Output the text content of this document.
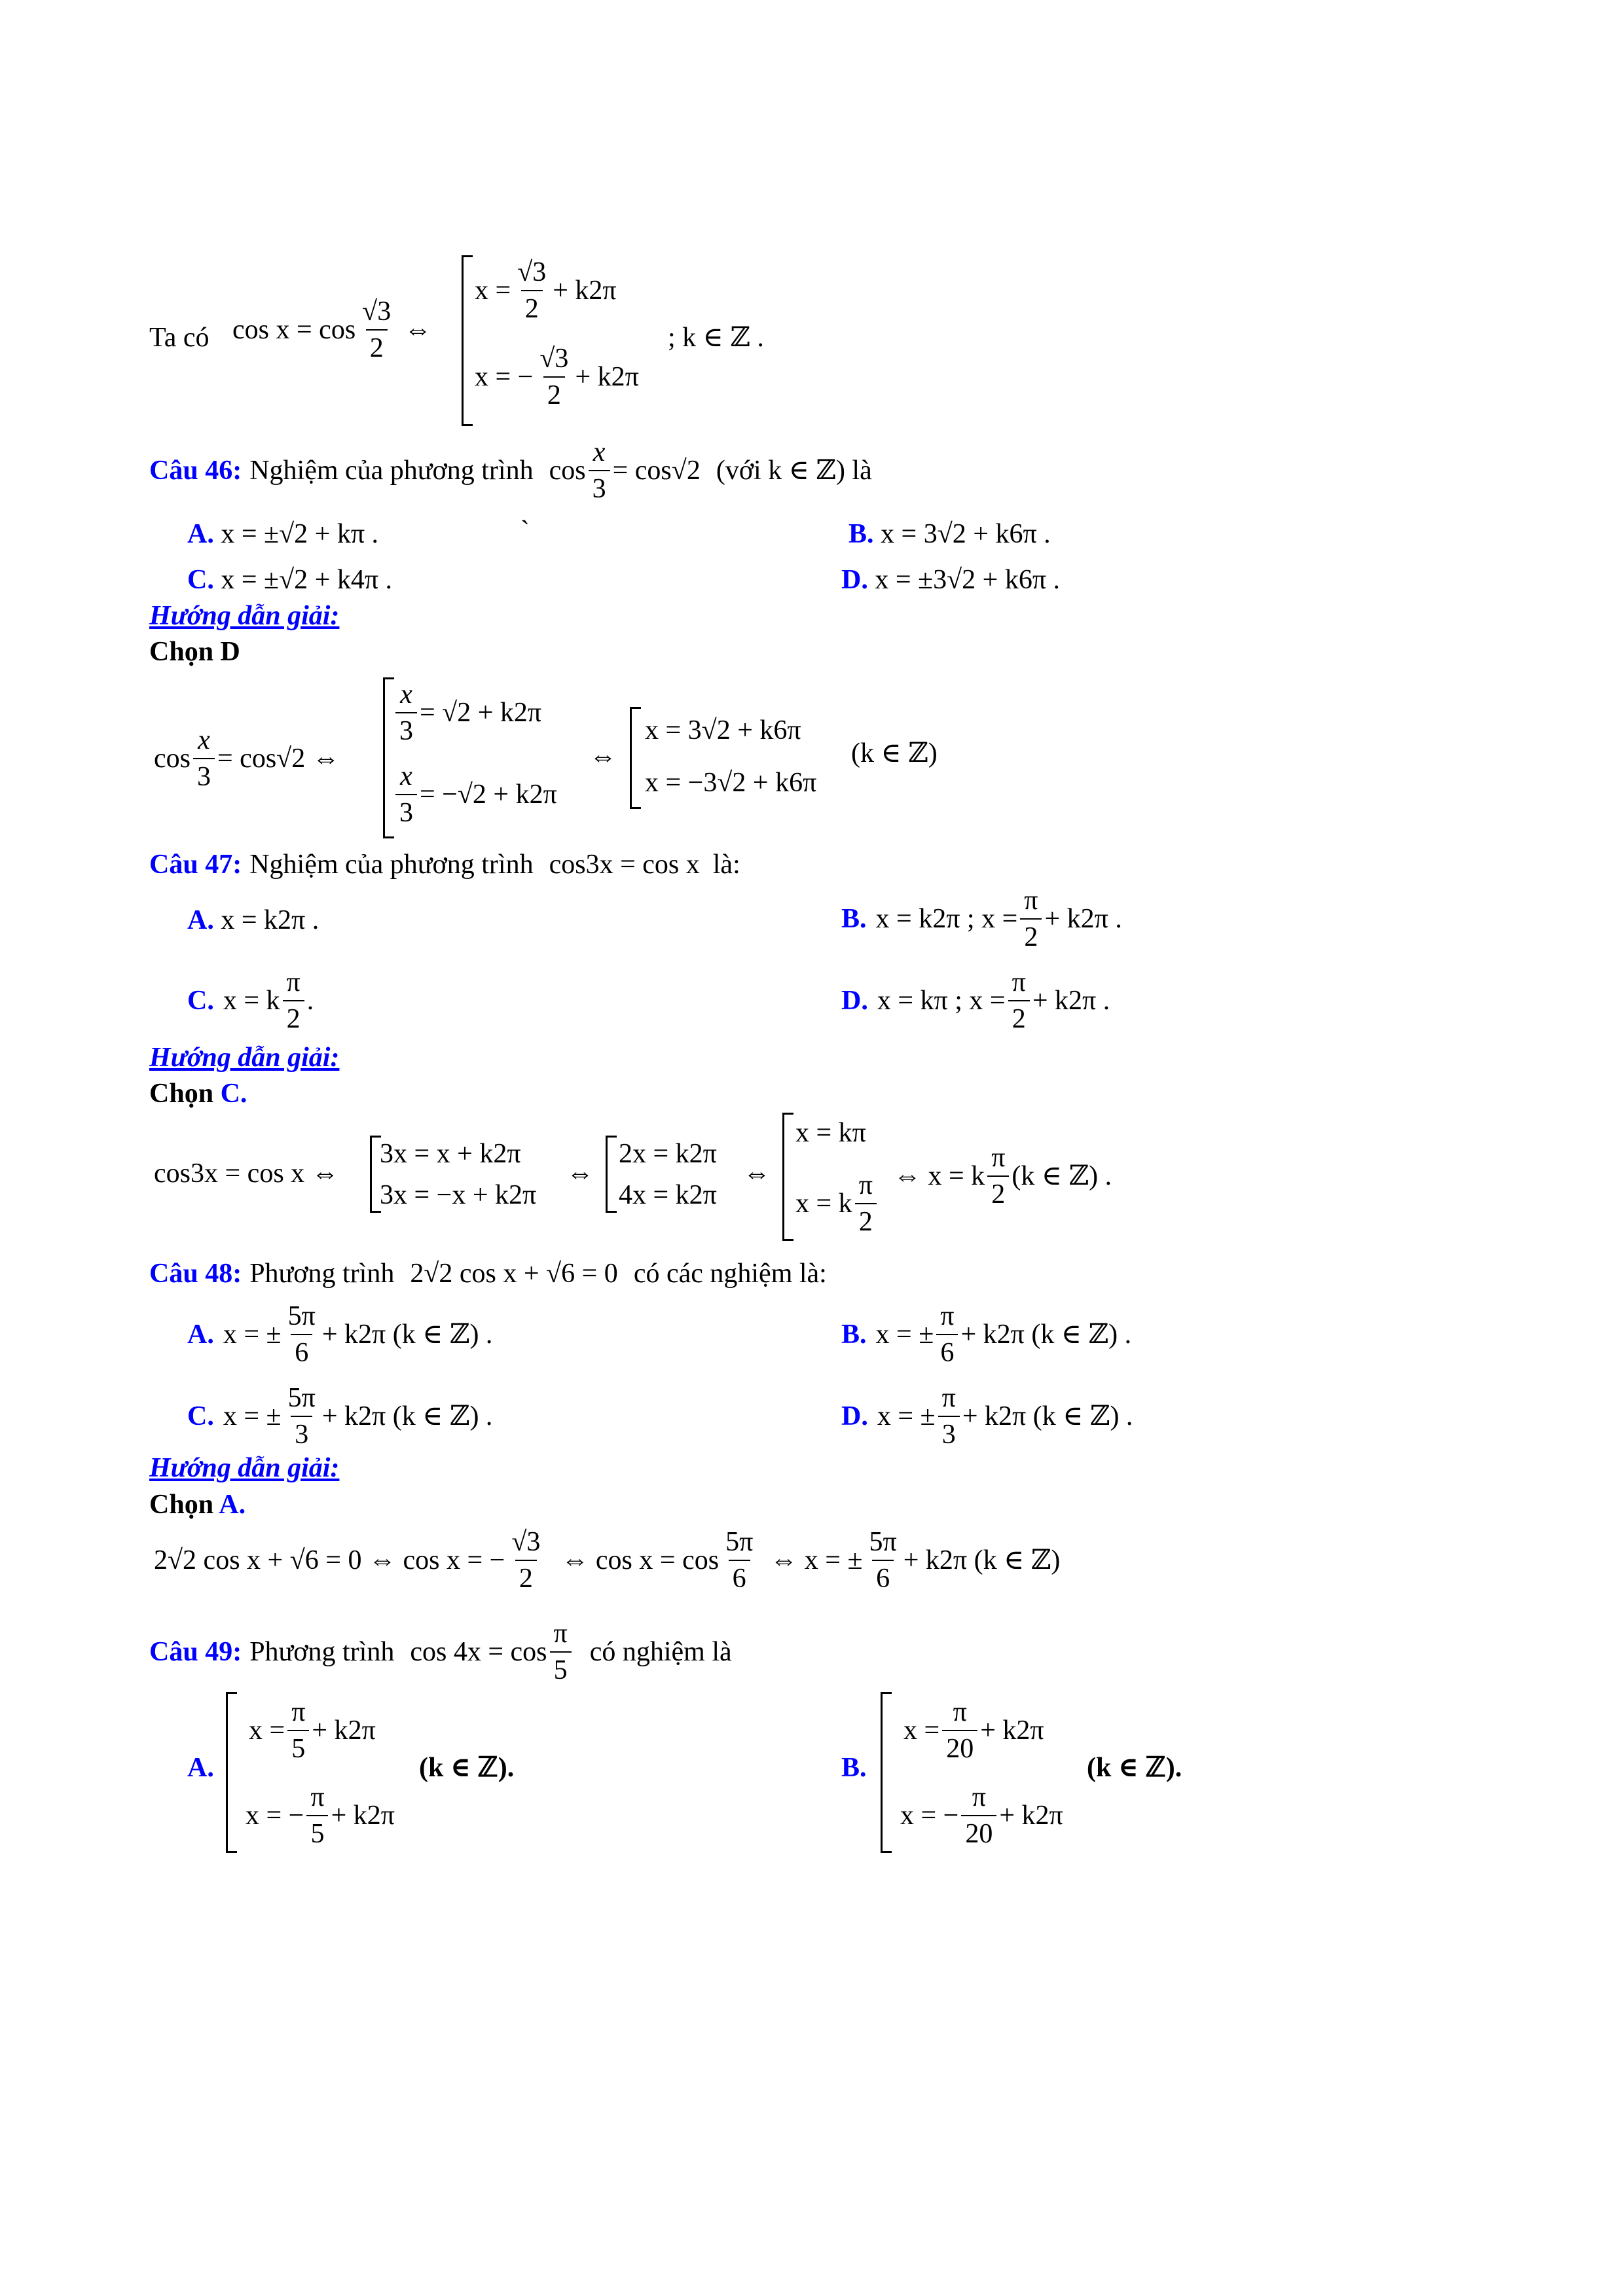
Ta có $\cos x = \cos \frac{√3}{2}$ ⇔
$x = \frac{√3}{2} + k2\pi$
x = − $\frac{√3}{2} + k2\pi$
; k ∈ ℤ .
Câu 46: Nghiệm của phương trình $\cos \frac{x}{3} = \cos√2$ (với k ∈ ℤ) là
A. x = ±√2 + kπ .	`	B. x = 3√2 + k6π .
C. x = ±√2 + k4π .	D. x = ±3√2 + k6π .
Hướng dẫn giải:
Chọn D
$\cos \frac{x}{3} = \cos√2$ ⇔
$\frac{x}{3} = √2 + k2\pi$
$\frac{x}{3} = -√2 + k2\pi$
⇔
x = 3√2 + k6π
x = −3√2 + k6π
(k ∈ ℤ)
Câu 47: Nghiệm của phương trình cos3x = cos x là:
A. x = k2π .	B. x = k2π ; $x = \frac{\pi}{2} + k2\pi$ .
C. x = k $\frac{\pi}{2}$ .	D. x = kπ ; $x = \frac{\pi}{2} + k2\pi$ .
Hướng dẫn giải:
Chọn C.
cos3x = cos x ⇔
3x = x + k2π
3x = −x + k2π
⇔
2x = k2π
4x = k2π
⇔
x = kπ
x = k $\frac{\pi}{2}$ ⇔ x = k $\frac{\pi}{2} (k$ ∈ ℤ) .
Câu 48: Phương trình 2√2 cos x + √6 = 0 có các nghiệm là:
A. x = ± $\frac{5\pi}{6} + k2\pi$ (k ∈ ℤ) .	B. x = ± $\frac{\pi}{6} + k2\pi$ (k ∈ ℤ) .
C. x = ± $\frac{5\pi}{3} + k2\pi$ (k ∈ ℤ) .	D. x = ± $\frac{\pi}{3} + k2\pi$ (k ∈ ℤ) .
Hướng dẫn giải:
Chọn A.
2√2 cos x + √6 = 0 ⇔ cos x = − $\frac{√3}{2}$ ⇔ $\cos x = \cos \frac{5\pi}{6}$ ⇔ x = ± $\frac{5\pi}{6} + k2\pi$ (k ∈ ℤ)
Câu 49: Phương trình $\cos 4x = \cos \frac{\pi}{5}$ có nghiệm là
A.
$x = \frac{\pi}{5} + k2\pi$
x = − $\frac{\pi}{5} + k2\pi$
(k ∈ ℤ).	B.
$x = \frac{\pi}{20} + k2\pi$
x = − $\frac{\pi}{20} + k2\pi$
(k ∈ ℤ).
